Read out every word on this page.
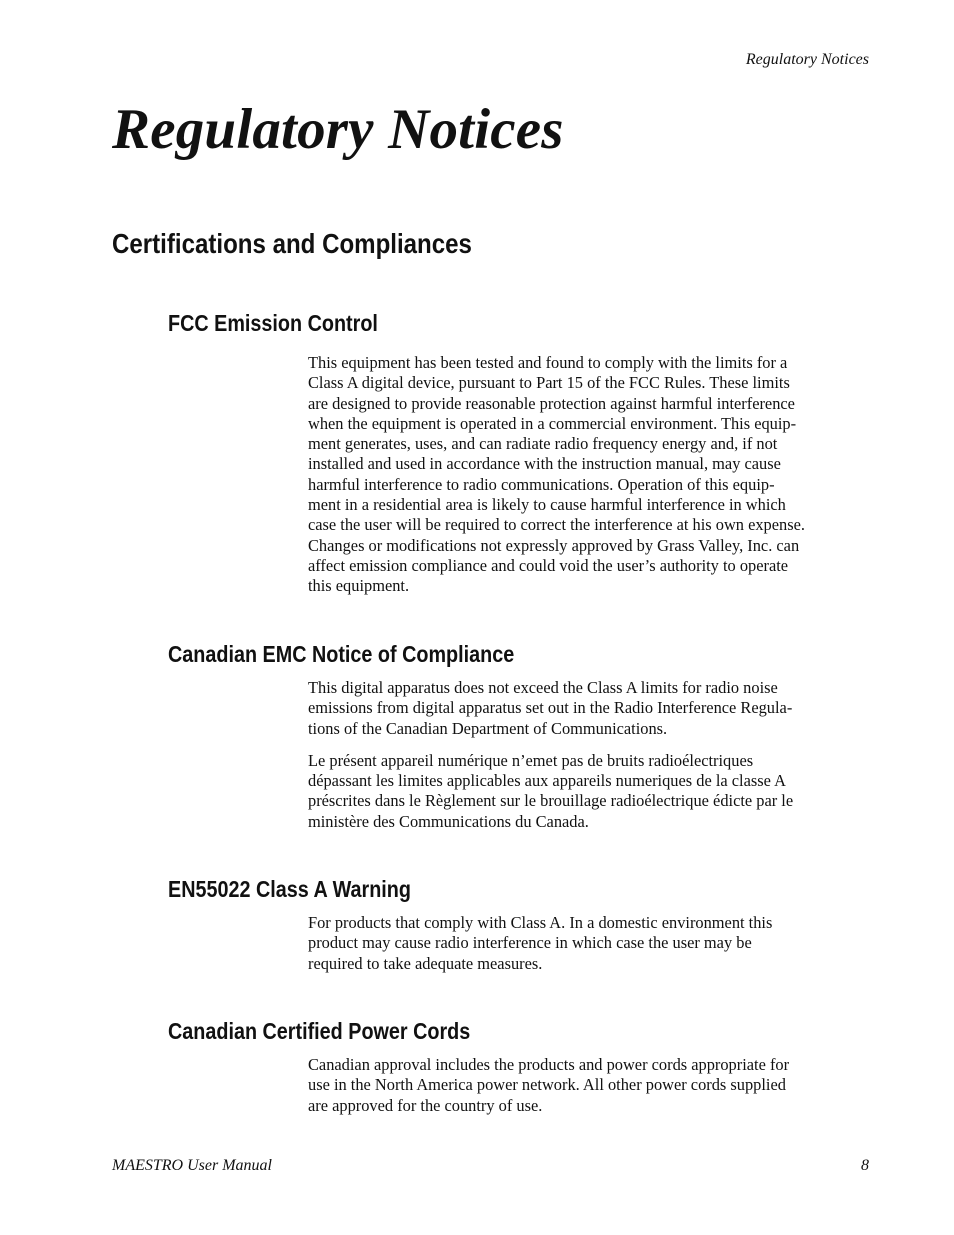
Regulatory Notices
Regulatory Notices
Certifications and Compliances
FCC Emission Control

This equipment has been tested and found to comply with the limits for a
Class A digital device, pursuant to Part 15 of the FCC Rules. These limits
are designed to provide reasonable protection against harmful interference
when the equipment is operated in a commercial environment. This equip-
ment generates, uses, and can radiate radio frequency energy and, if not
installed and used in accordance with the instruction manual, may cause
harmful interference to radio communications. Operation of this equip-
ment in a residential area is likely to cause harmful interference in which
case the user will be required to correct the interference at his own expense.
Changes or modifications not expressly approved by Grass Valley, Inc. can
affect emission compliance and could void the user’s authority to operate
this equipment.

Canadian EMC Notice of Compliance

This digital apparatus does not exceed the Class A limits for radio noise
emissions from digital apparatus set out in the Radio Interference Regula-
tions of the Canadian Department of Communications.

Le présent appareil numérique n’emet pas de bruits radioélectriques
dépassant les limites applicables aux appareils numeriques de la classe A
préscrites dans le Règlement sur le brouillage radioélectrique édicte par le
ministère des Communications du Canada.

EN55022 Class A Warning

For products that comply with Class A. In a domestic environment this
product may cause radio interference in which case the user may be
required to take adequate measures.

Canadian Certified Power Cords

Canadian approval includes the products and power cords appropriate for
use in the North America power network. All other power cords supplied
are approved for the country of use.

MAESTRO User Manual	8
